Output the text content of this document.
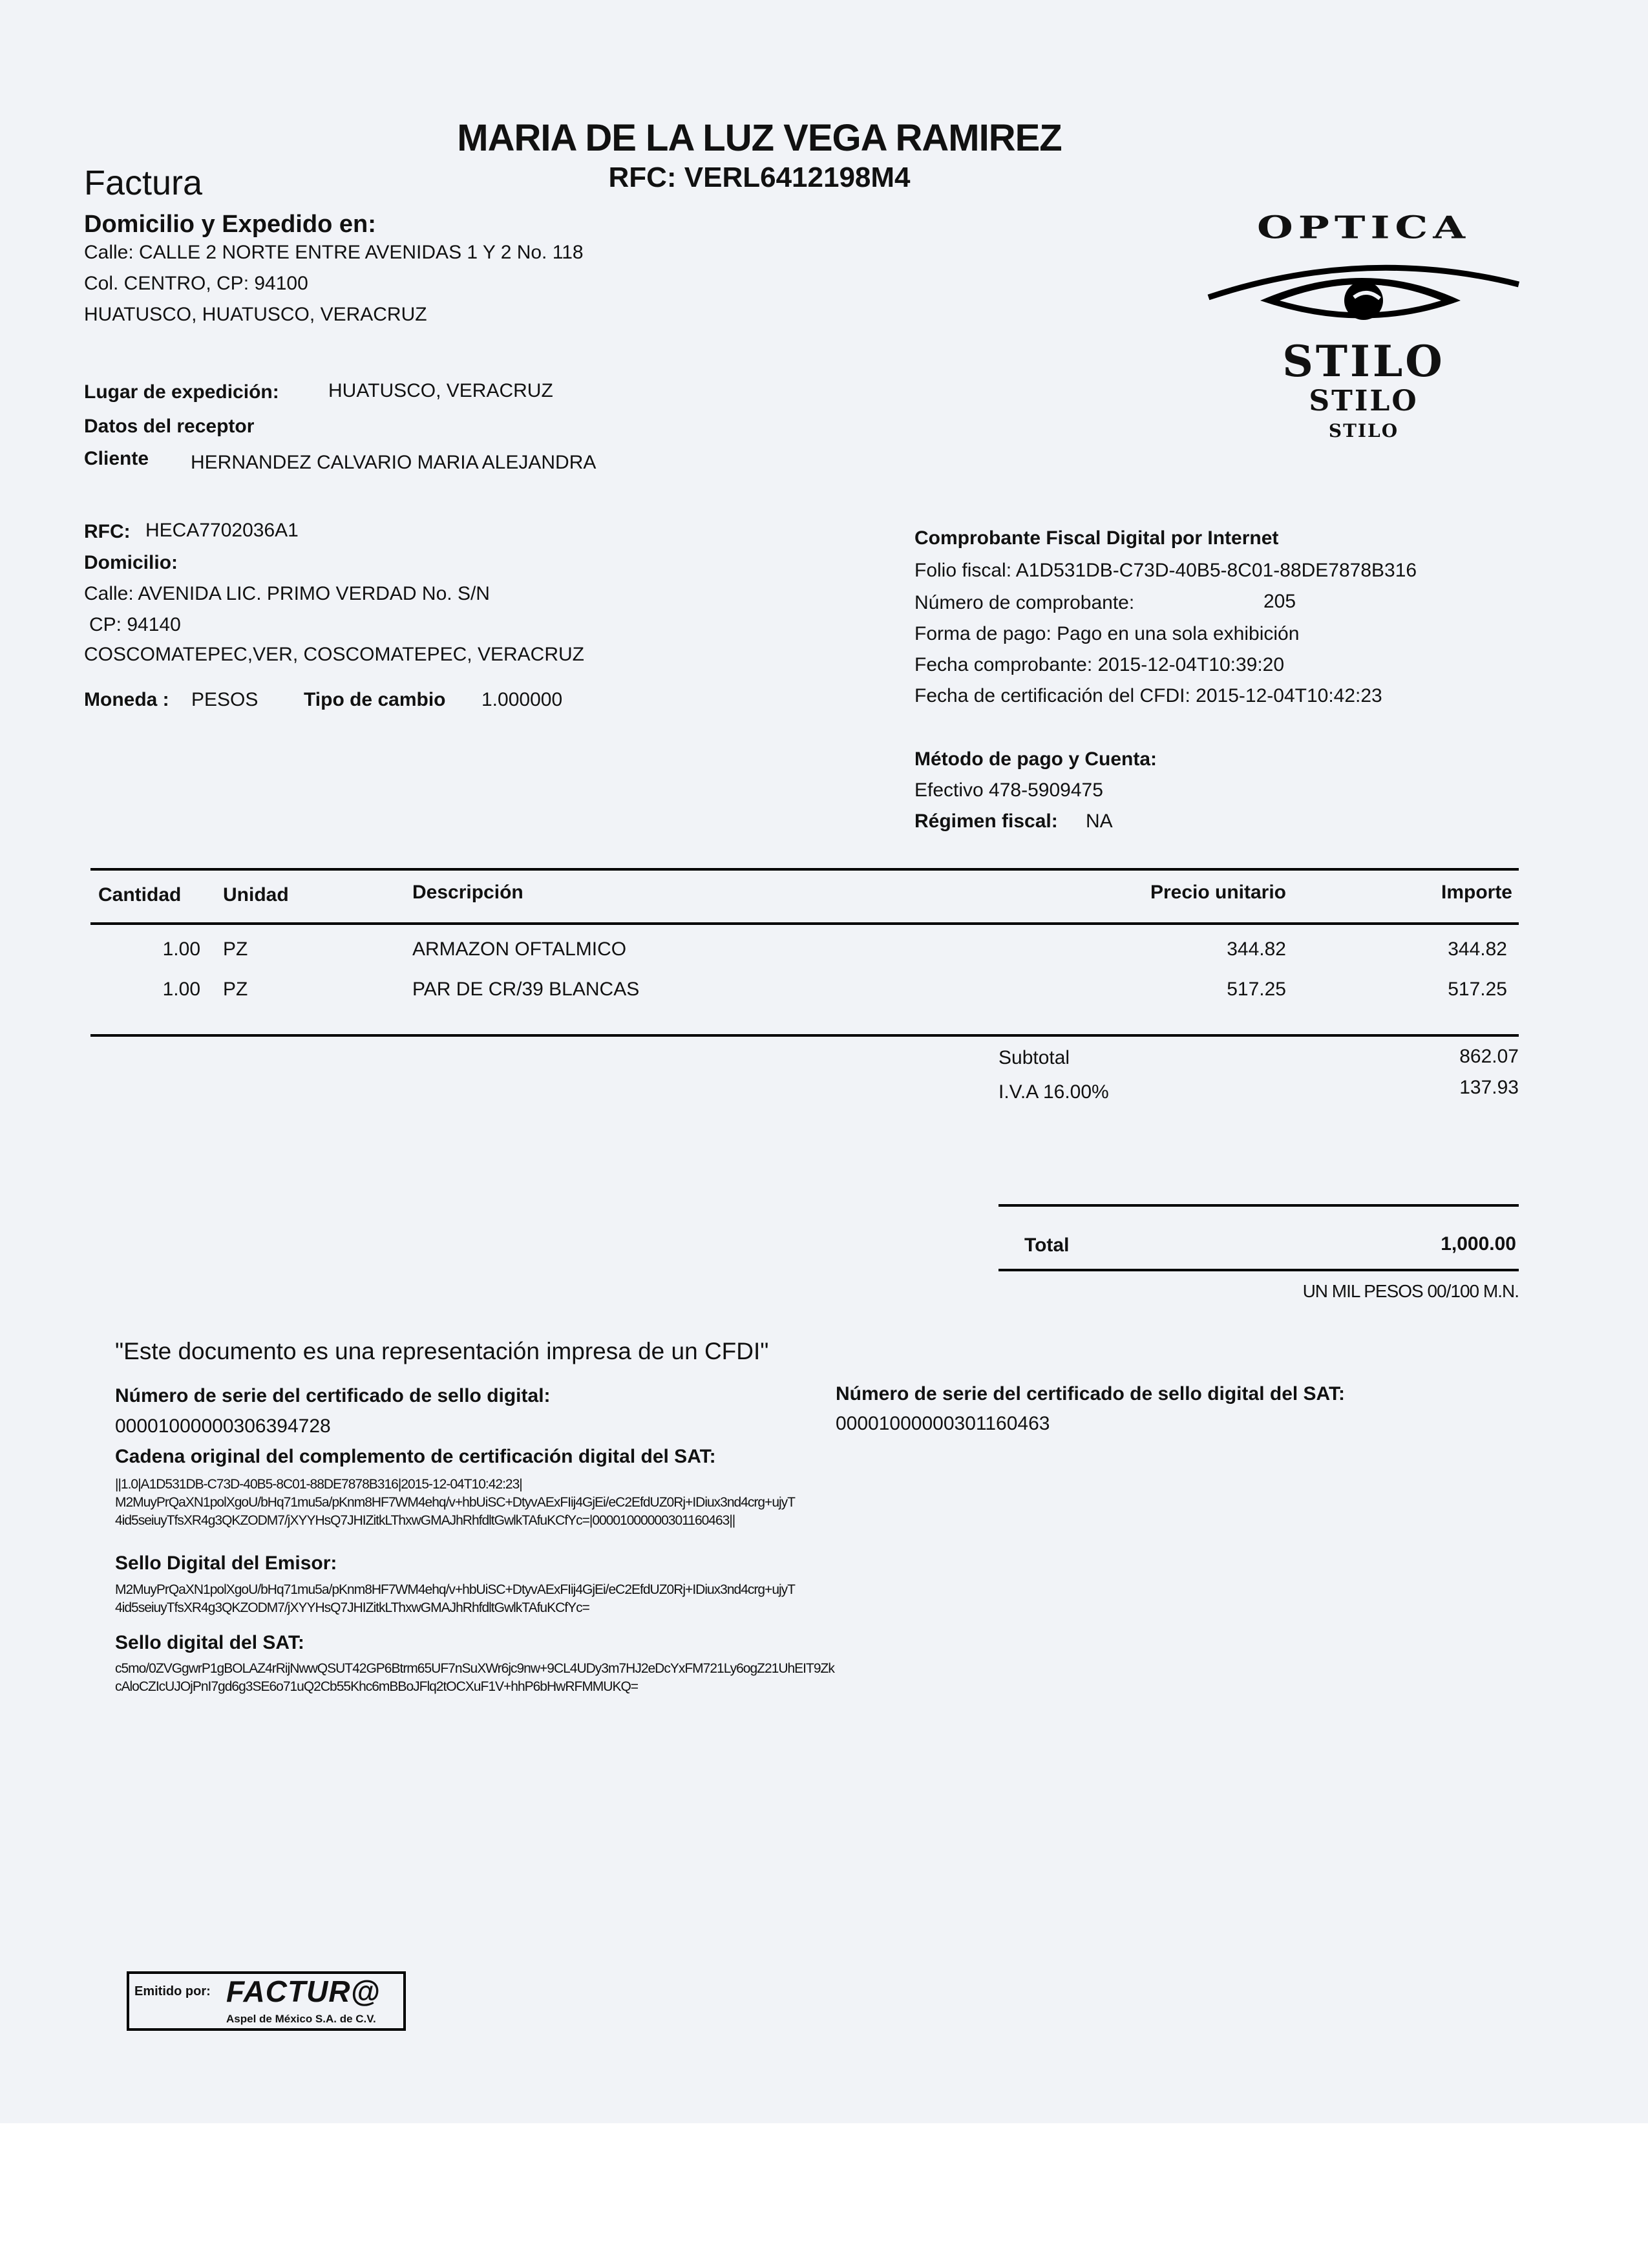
MARIA DE LA LUZ VEGA RAMIREZ
RFC: VERL6412198M4
Factura
Domicilio y Expedido en:
Calle: CALLE 2 NORTE ENTRE AVENIDAS 1 Y 2 No. 118
Col. CENTRO, CP: 94100
HUATUSCO, HUATUSCO, VERACRUZ
OPTICA
STILO
STILO
STILO
Lugar de expedición:	HUATUSCO, VERACRUZ
Datos del receptor
Cliente HERNANDEZ CALVARIO MARIA ALEJANDRA
RFC: HECA7702036A1
Domicilio:
Calle: AVENIDA LIC. PRIMO VERDAD No. S/N
CP: 94140
COSCOMATEPEC,VER, COSCOMATEPEC, VERACRUZ
Moneda : PESOS Tipo de cambio 1.000000
Comprobante Fiscal Digital por Internet
Folio fiscal: A1D531DB-C73D-40B5-8C01-88DE7878B316
Número de comprobante:	205
Forma de pago: Pago en una sola exhibición
Fecha comprobante: 2015-12-04T10:39:20
Fecha de certificación del CFDI: 2015-12-04T10:42:23
Método de pago y Cuenta:
Efectivo 478-5909475
Régimen fiscal: NA
Cantidad Unidad	Descripción	Precio unitario	Importe
1.00 PZ	ARMAZON OFTALMICO	344.82	344.82
1.00 PZ	PAR DE CR/39 BLANCAS	517.25	517.25
Subtotal	862.07
I.V.A 16.00%	137.93
Total	1,000.00
UN MIL PESOS 00/100 M.N.
"Este documento es una representación impresa de un CFDI"
Número de serie del certificado de sello digital:
00001000000306394728
Número de serie del certificado de sello digital del SAT:
00001000000301160463
Cadena original del complemento de certificación digital del SAT:
||1.0|A1D531DB-C73D-40B5-8C01-88DE7878B316|2015-12-04T10:42:23|
M2MuyPrQaXN1polXgoU/bHq71mu5a/pKnm8HF7WM4ehq/v+hbUiSC+DtyvAExFIij4GjEi/eC2EfdUZ0Rj+IDiux3nd4crg+ujyT
4id5seiuyTfsXR4g3QKZODM7/jXYYHsQ7JHIZitkLThxwGMAJhRhfdltGwlkTAfuKCfYc=|00001000000301160463||
Sello Digital del Emisor:
M2MuyPrQaXN1polXgoU/bHq71mu5a/pKnm8HF7WM4ehq/v+hbUiSC+DtyvAExFIij4GjEi/eC2EfdUZ0Rj+IDiux3nd4crg+ujyT
4id5seiuyTfsXR4g3QKZODM7/jXYYHsQ7JHIZitkLThxwGMAJhRhfdltGwlkTAfuKCfYc=
Sello digital del SAT:
c5mo/0ZVGgwrP1gBOLAZ4rRijNwwQSUT42GP6Btrm65UF7nSuXWr6jc9nw+9CL4UDy3m7HJ2eDcYxFM721Ly6ogZ21UhEIT9Zk
cAloCZIcUJOjPnI7gd6g3SE6o71uQ2Cb55Khc6mBBoJFlq2tOCXuF1V+hhP6bHwRFMMUKQ=
Emitido por: FACTUR@
Aspel de México S.A. de C.V.
